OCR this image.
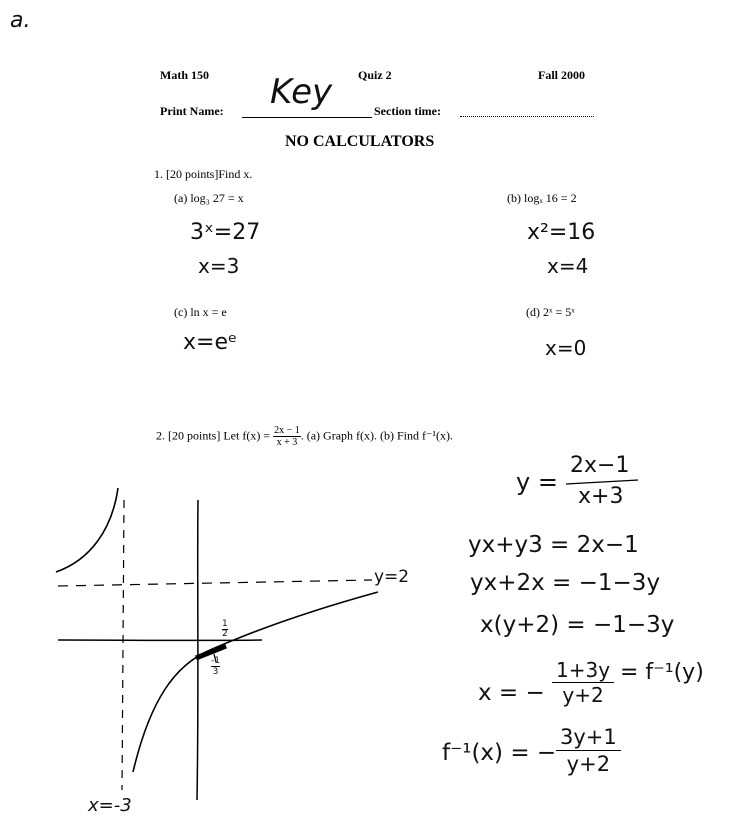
a.
Math 150	Quiz 2	Fall 2000
Print Name: Key	Section time:
NO CALCULATORS
1. [20 points]Find x.
(a) log₃ 27 = x
3ˣ=27
x=3
(b) logₓ 16 = 2
x²=16
x=4
(c) ln x = e
x=eᵉ
(d) 2ˣ = 5ˣ
x=0
2. [20 points] Let $f(x) = \frac{2x - 1}{x + 3}$ . (a) Graph f(x). (b) Find f⁻¹(x).
y=2
x=-3
$\frac{1}{2}$
$\frac{-1}{3}$
y =
2x−1
x+3
yx+y3 = 2x−1
yx+2x = −1−3y
x(y+2) = −1−3y
x = − $\frac{1+3y}{y+2} = f^{-1}(y)$
f⁻¹(x) = − $\frac{3y+1}{y+2}$
